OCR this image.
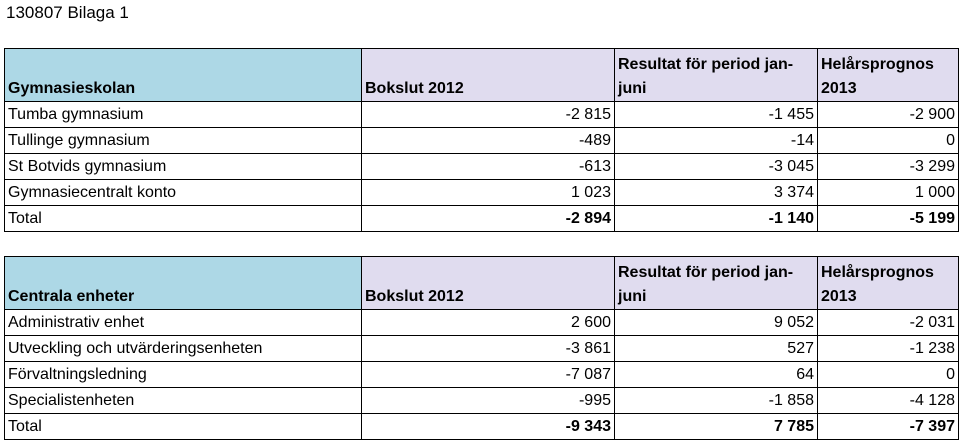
130807 Bilaga 1
Gymnasieskolan	Bokslut 2012	Resultat för period jan-juni	Helårsprognos 2013
Tumba gymnasium	-2 815	-1 455	-2 900
Tullinge gymnasium	-489	-14	0
St Botvids gymnasium	-613	-3 045	-3 299
Gymnasiecentralt konto	1 023	3 374	1 000
Total	-2 894	-1 140	-5 199
Centrala enheter	Bokslut 2012	Resultat för period jan-juni	Helårsprognos 2013
Administrativ enhet	2 600	9 052	-2 031
Utveckling och utvärderingsenheten	-3 861	527	-1 238
Förvaltningsledning	-7 087	64	0
Specialistenheten	-995	-1 858	-4 128
Total	-9 343	7 785	-7 397
